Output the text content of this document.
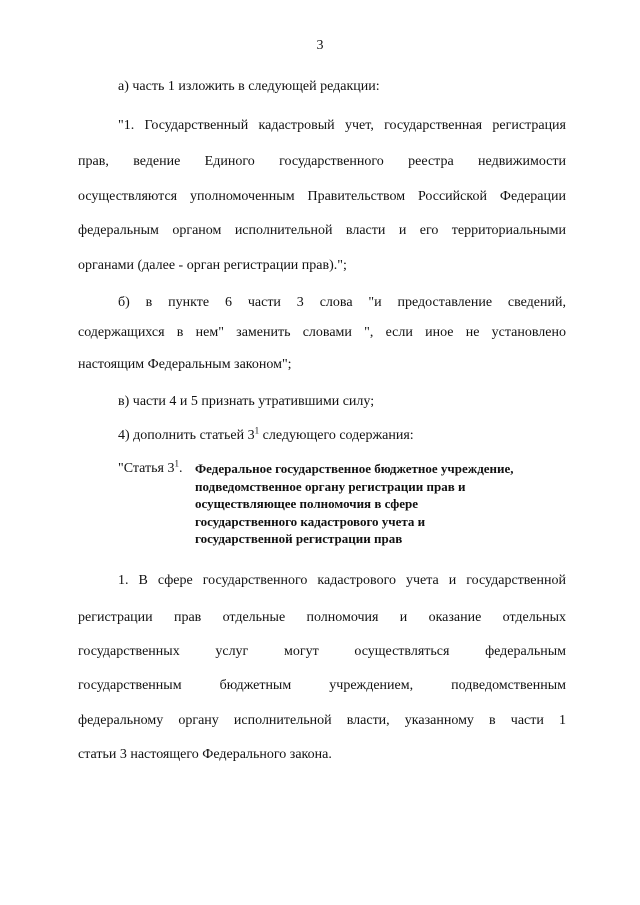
3
а) часть 1 изложить в следующей редакции:
"1. Государственный кадастровый учет, государственная регистрация
прав, ведение Единого государственного реестра недвижимости
осуществляются уполномоченным Правительством Российской Федерации
федеральным органом исполнительной власти и его территориальными
органами (далее - орган регистрации прав).";
б) в пункте 6 части 3 слова "и предоставление сведений,
содержащихся в нем" заменить словами ", если иное не установлено
настоящим Федеральным законом";
в) части 4 и 5 признать утратившими силу;
4) дополнить статьей $3^1$ следующего содержания:
"Статья $3^1$. Федеральное государственное бюджетное учреждение,
подведомственное органу регистрации прав и
осуществляющее полномочия в сфере
государственного кадастрового учета и
государственной регистрации прав
1. В сфере государственного кадастрового учета и государственной
регистрации прав отдельные полномочия и оказание отдельных
государственных услуг могут осуществляться федеральным
государственным бюджетным учреждением, подведомственным
федеральному органу исполнительной власти, указанному в части 1
статьи 3 настоящего Федерального закона.
